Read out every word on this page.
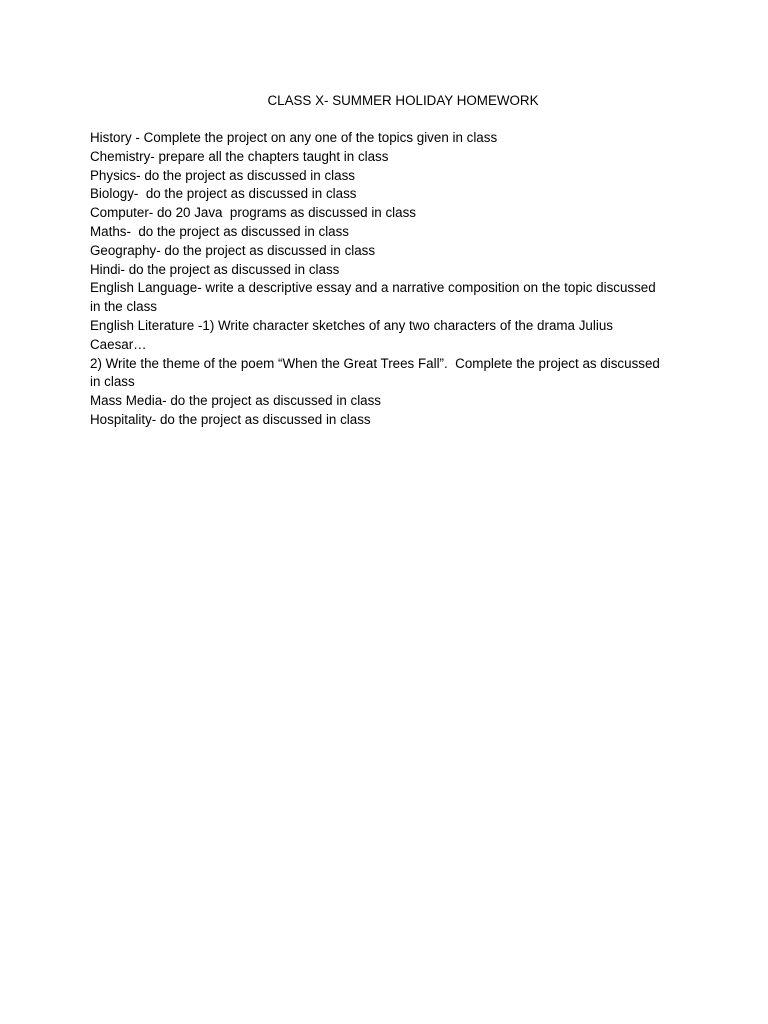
CLASS X- SUMMER HOLIDAY HOMEWORK
History - Complete the project on any one of the topics given in class
Chemistry- prepare all the chapters taught in class
Physics- do the project as discussed in class
Biology-  do the project as discussed in class
Computer- do 20 Java  programs as discussed in class
Maths-  do the project as discussed in class
Geography- do the project as discussed in class
Hindi- do the project as discussed in class
English Language- write a descriptive essay and a narrative composition on the topic discussed
in the class
English Literature -1) Write character sketches of any two characters of the drama Julius
Caesar…
2) Write the theme of the poem “When the Great Trees Fall”.  Complete the project as discussed
in class
Mass Media- do the project as discussed in class
Hospitality- do the project as discussed in class
